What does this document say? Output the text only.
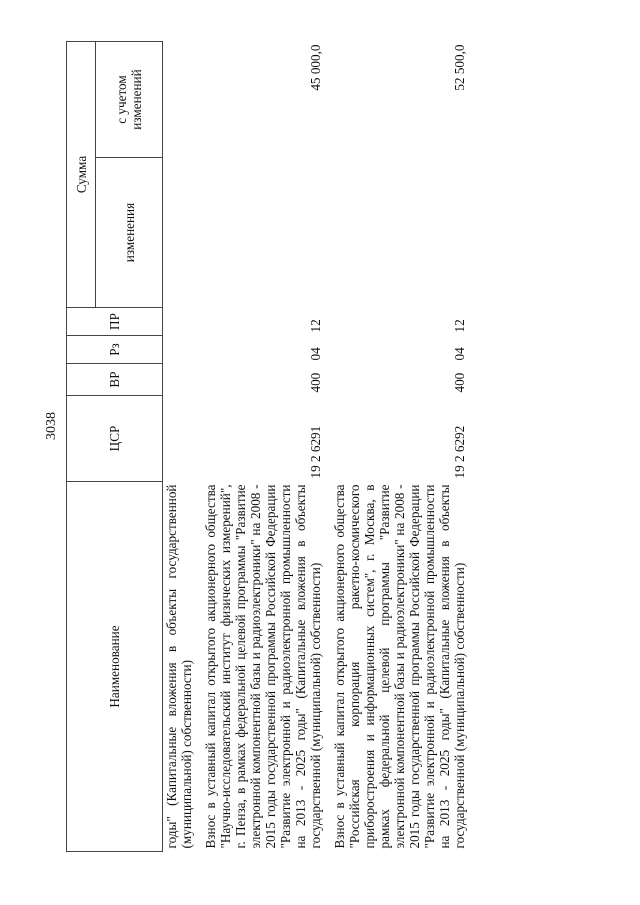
3038
Наименование	ЦСР	ВР	Рз	ПР	Сумма	
					изменения	с учетом изменений
годы" (Капитальные вложения в объекты государственной (муниципальной) собственности)						
Взнос в уставный капитал открытого акционерного общества "Научно-исследовательский институт физических измерений", г. Пенза, в рамках федеральной целевой программы "Развитие электронной компонентной базы и радиоэлектроники" на 2008 - 2015 годы государственной программы Российской Федерации "Развитие электронной и радиоэлектронной промышленности на 2013 - 2025 годы" (Капитальные вложения в объекты государственной (муниципальной) собственности)	19 2 6291	400	04	12		45 000,0
Взнос в уставный капитал открытого акционерного общества "Российская корпорация ракетно-космического приборостроения и информационных систем", г. Москва, в рамках федеральной целевой программы "Развитие электронной компонентной базы и радиоэлектроники" на 2008 - 2015 годы государственной программы Российской Федерации "Развитие электронной и радиоэлектронной промышленности на 2013 - 2025 годы" (Капитальные вложения в объекты государственной (муниципальной) собственности)	19 2 6292	400	04	12		52 500,0
